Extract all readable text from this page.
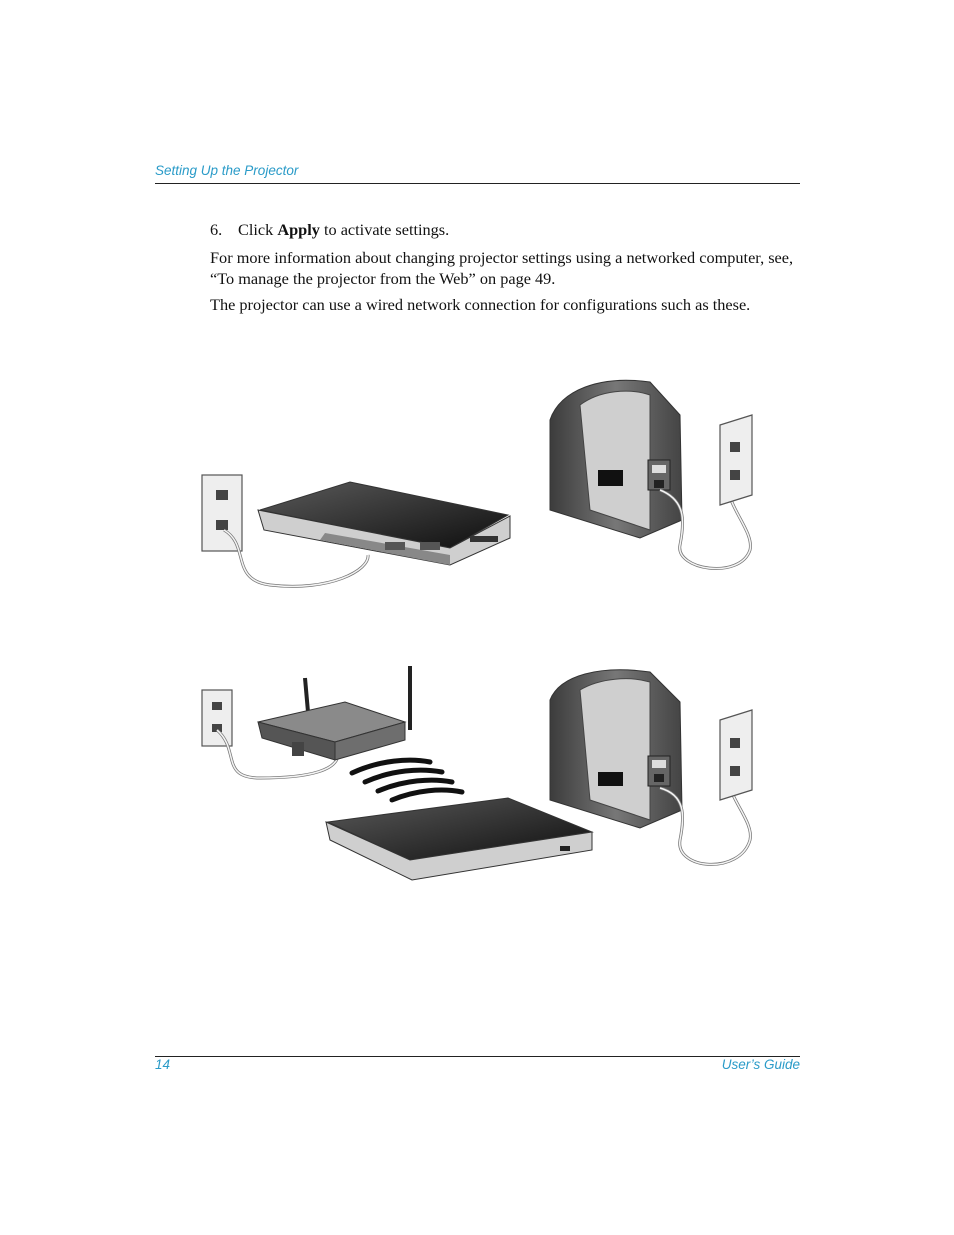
Setting Up the Projector
6. Click Apply to activate settings.
For more information about changing projector settings using a networked computer, see, “To manage the projector from the Web” on page 49.
The projector can use a wired network connection for configurations such as these.
14	User’s Guide
